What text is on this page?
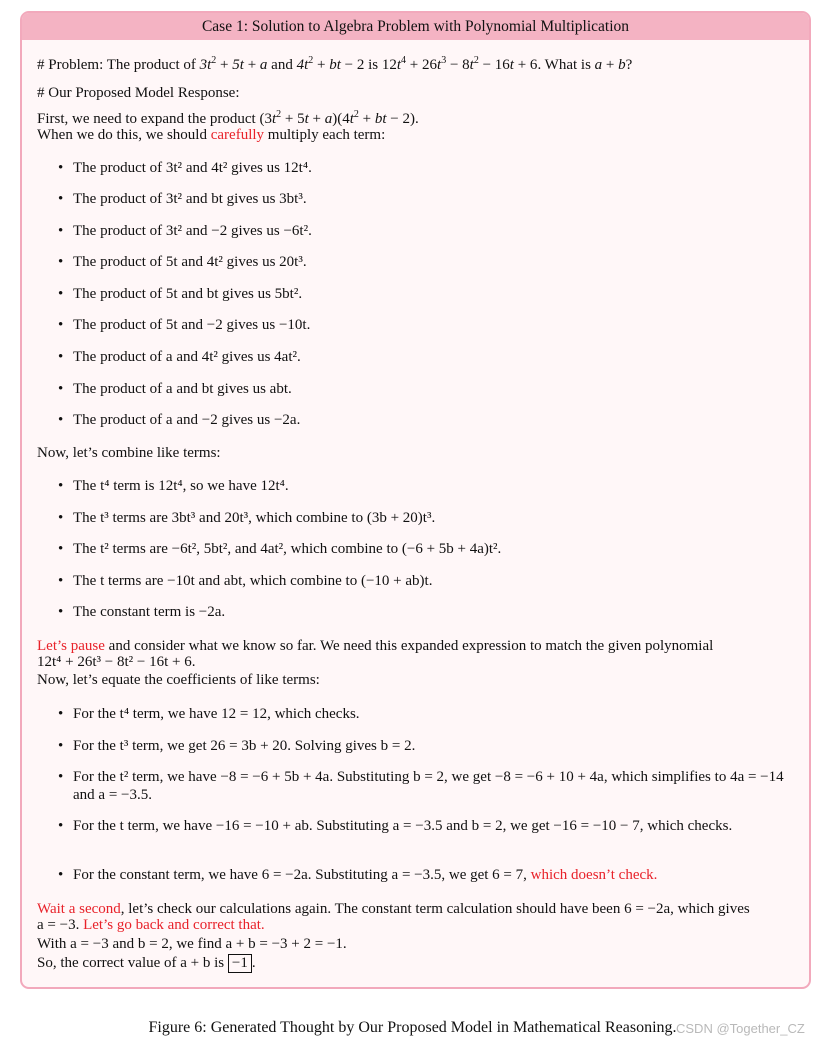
Case 1: Solution to Algebra Problem with Polynomial Multiplication
# Problem: The product of $3t^2 + 5t + a$ and $4t^2$ + bt − 2 is $12t^4 + 26t^3 - 8t^2 - 16t + 6$. What is a + b?
# Our Proposed Model Response:
First, we need to expand the product $(3t^2 + 5t + a)(4t^2$ + bt − 2).
When we do this, we should carefully multiply each term:
• The product of 3t² and 4t² gives us 12t⁴.
• The product of 3t² and bt gives us 3bt³.
• The product of 3t² and −2 gives us −6t².
• The product of 5t and 4t² gives us 20t³.
• The product of 5t and bt gives us 5bt².
• The product of 5t and −2 gives us −10t.
• The product of a and 4t² gives us 4at².
• The product of a and bt gives us abt.
• The product of a and −2 gives us −2a.
Now, let’s combine like terms:
• The t⁴ term is 12t⁴, so we have 12t⁴.
• The t³ terms are 3bt³ and 20t³, which combine to (3b + 20)t³.
• The t² terms are −6t², 5bt², and 4at², which combine to (−6 + 5b + 4a)t².
• The t terms are −10t and abt, which combine to (−10 + ab)t.
• The constant term is −2a.
Let’s pause and consider what we know so far. We need this expanded expression to match the given polynomial
12t⁴ + 26t³ − 8t² − 16t + 6.
Now, let’s equate the coefficients of like terms:
• For the t⁴ term, we have 12 = 12, which checks.
• For the t³ term, we get 26 = 3b + 20. Solving gives b = 2.
• For the t² term, we have −8 = −6 + 5b + 4a. Substituting b = 2, we get −8 = −6 + 10 + 4a, which simplifies to 4a = −14 and a = −3.5.
• For the t term, we have −16 = −10 + ab. Substituting a = −3.5 and b = 2, we get −16 = −10 − 7, which checks.
• For the constant term, we have 6 = −2a. Substituting a = −3.5, we get 6 = 7, which doesn’t check.
Wait a second, let’s check our calculations again. The constant term calculation should have been 6 = −2a, which gives
a = −3. Let’s go back and correct that.
With a = −3 and b = 2, we find a + b = −3 + 2 = −1.
So, the correct value of a + b is −1 .
Figure 6: Generated Thought by Our Proposed Model in Mathematical Reasoning. CSDN @Together_CZ
